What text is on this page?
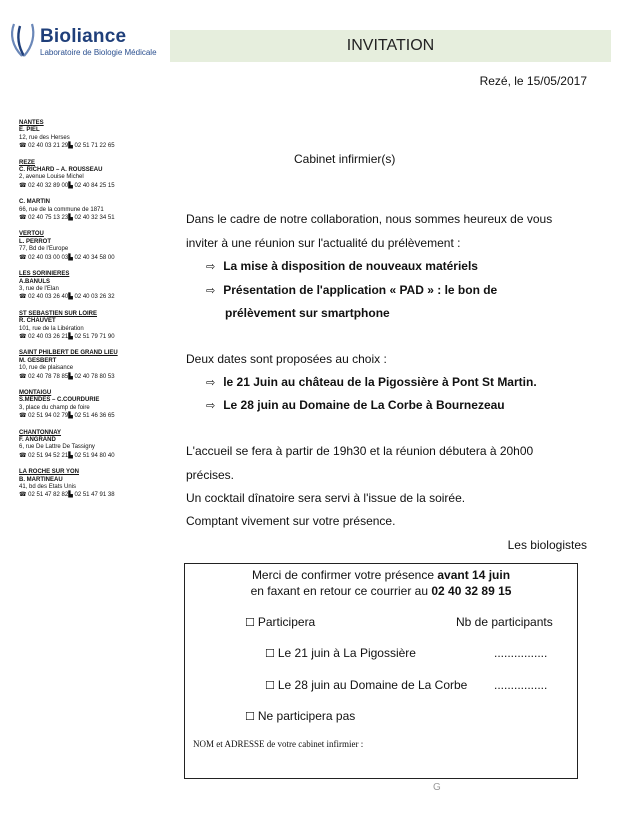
Bioliance
Laboratoire de Biologie Médicale	INVITATION
Rezé, le 15/05/2017
NANTES
E. PIEL
12, rue des Herses
☎ 02 40 03 21 29▙ 02 51 71 22 65
REZE
C. RICHARD – A. ROUSSEAU
2, avenue Louise Michel
☎ 02 40 32 89 00▙ 02 40 84 25 15
C. MARTIN
66, rue de la commune de 1871
☎ 02 40 75 13 23▙ 02 40 32 34 51
VERTOU
L. PERROT
77, Bd de l'Europe
☎ 02 40 03 00 03▙ 02 40 34 58 00
LES SORINIERES
A.BANULS
3, rue de l'Elan
☎ 02 40 03 26 40▙ 02 40 03 26 32
ST SEBASTIEN SUR LOIRE
R. CHAUVET
101, rue de la Libération
☎ 02 40 03 26 21▙ 02 51 79 71 90
SAINT PHILBERT DE GRAND LIEU
M. GESBERT
10, rue de plaisance
☎ 02 40 78 78 85▙ 02 40 78 80 53
MONTAIGU
S.MENDES – C.COURDURIE
3, place du champ de foire
☎ 02 51 94 02 79▙ 02 51 46 36 65
CHANTONNAY
F. ANGRAND
6, rue De Lattre De Tassigny
☎ 02 51 94 52 21▙ 02 51 94 80 40
LA ROCHE SUR YON
B. MARTINEAU
41, bd des Etats Unis
☎ 02 51 47 82 82▙ 02 51 47 91 38
Cabinet infirmier(s)
Dans le cadre de notre collaboration, nous sommes heureux de vous
inviter à une réunion sur l'actualité du prélèvement :
⇨ La mise à disposition de nouveaux matériels
⇨ Présentation de l'application « PAD » : le bon de
prélèvement sur smartphone
Deux dates sont proposées au choix :
⇨ le 21 Juin au château de la Pigossière à Pont St Martin.
⇨ Le 28 juin au Domaine de La Corbe à Bournezeau
L'accueil se fera à partir de 19h30 et la réunion débutera à 20h00
précises.
Un cocktail dînatoire sera servi à l'issue de la soirée.
Comptant vivement sur votre présence.
Les biologistes
Merci de confirmer votre présence avant 14 juin
en faxant en retour ce courrier au 02 40 32 89 15
☐ Participera	Nb de participants
☐ Le 21 juin à La Pigossière	................
☐ Le 28 juin au Domaine de La Corbe ................
☐ Ne participera pas
NOM et ADRESSE de votre cabinet infirmier :
G
